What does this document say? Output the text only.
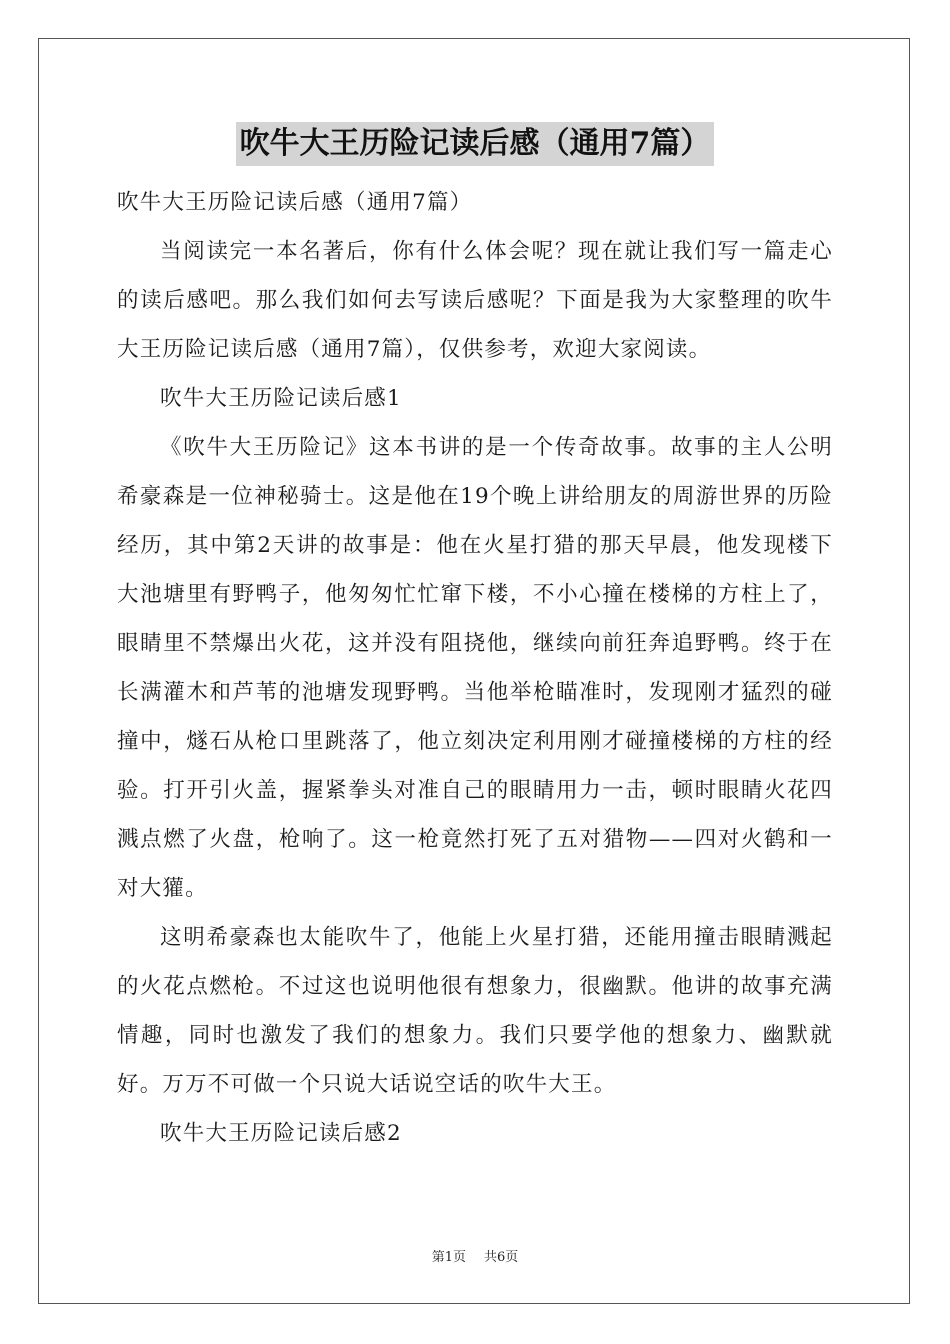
吹牛大王历险记读后感（通用7篇）

吹牛大王历险记读后感（通用7篇）

当阅读完一本名著后，你有什么体会呢？现在就让我们写一篇走心的读后感吧。那么我们如何去写读后感呢？下面是我为大家整理的吹牛大王历险记读后感（通用7篇），仅供参考，欢迎大家阅读。

吹牛大王历险记读后感1

《吹牛大王历险记》这本书讲的是一个传奇故事。故事的主人公明希豪森是一位神秘骑士。这是他在19个晚上讲给朋友的周游世界的历险经历，其中第2天讲的故事是：他在火星打猎的那天早晨，他发现楼下大池塘里有野鸭子，他匆匆忙忙窜下楼，不小心撞在楼梯的方柱上了，眼睛里不禁爆出火花，这并没有阻挠他，继续向前狂奔追野鸭。终于在长满灌木和芦苇的池塘发现野鸭。当他举枪瞄准时，发现刚才猛烈的碰撞中，燧石从枪口里跳落了，他立刻决定利用刚才碰撞楼梯的方柱的经验。打开引火盖，握紧拳头对准自己的眼睛用力一击，顿时眼睛火花四溅点燃了火盘，枪响了。这一枪竟然打死了五对猎物——四对火鹤和一对大獾。

这明希豪森也太能吹牛了，他能上火星打猎，还能用撞击眼睛溅起的火花点燃枪。不过这也说明他很有想象力，很幽默。他讲的故事充满情趣，同时也激发了我们的想象力。我们只要学他的想象力、幽默就好。万万不可做一个只说大话说空话的吹牛大王。

吹牛大王历险记读后感2

第1页 共6页
